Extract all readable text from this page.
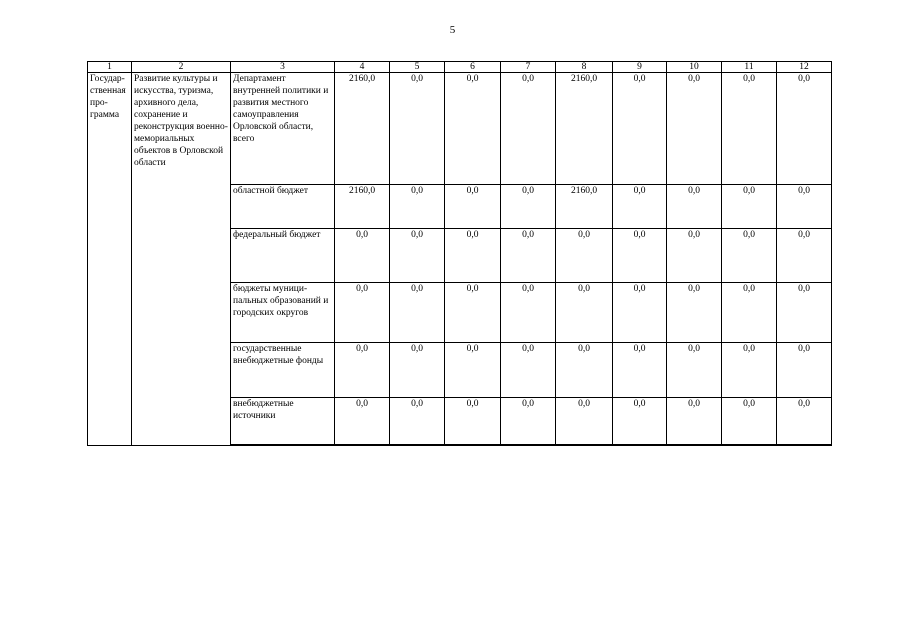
5
1	2	3	4	5	6	7	8	9	10	11	12
Государ-ственная про-грамма	Развитие культуры и искусства, туризма, архивного дела, сохранение и реконструкция военно-мемориальных объектов в Орловской области	Департамент внутренней политики и развития местного самоуправления Орловской области, всего	2160,0	0,0	0,0	0,0	2160,0	0,0	0,0	0,0	0,0
		областной бюджет	2160,0	0,0	0,0	0,0	2160,0	0,0	0,0	0,0	0,0
		федеральный бюджет	0,0	0,0	0,0	0,0	0,0	0,0	0,0	0,0	0,0
		бюджеты муници-пальных образований и городских округов	0,0	0,0	0,0	0,0	0,0	0,0	0,0	0,0	0,0
		государственные внебюджетные фонды	0,0	0,0	0,0	0,0	0,0	0,0	0,0	0,0	0,0
		внебюджетные источники	0,0	0,0	0,0	0,0	0,0	0,0	0,0	0,0	0,0
